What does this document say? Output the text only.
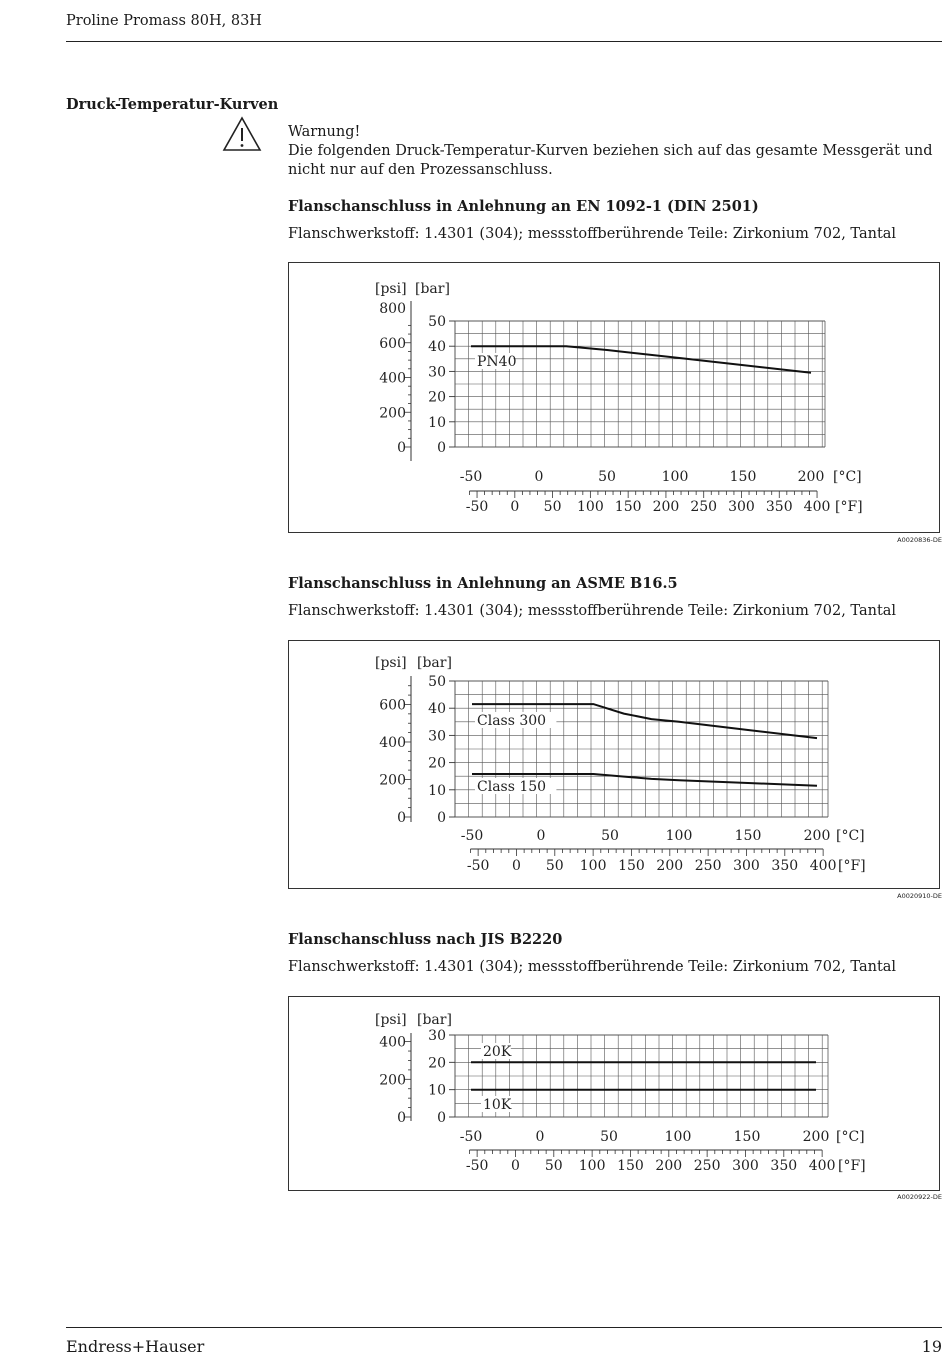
Proline Promass 80H, 83H
Druck-Temperatur-Kurven
Warnung!
Die folgenden Druck-Temperatur-Kurven beziehen sich auf das gesamte Messgerät und nicht nur auf den Prozessanschluss.
Flanschanschluss in Anlehnung an EN 1092-1 (DIN 2501)
Flanschwerkstoff: 1.4301 (304); messstoffberührende Teile: Zirkonium 702, Tantal
[psi] [bar]
0
10
20
30
40
50
0
200
400
600
800
-50	0	50	100	150	200 [°C]
-50 0 50 100 150 200 250 300 350 400 [°F]
PN40
A0020836-DE
Flanschanschluss in Anlehnung an ASME B16.5
Flanschwerkstoff: 1.4301 (304); messstoffberührende Teile: Zirkonium 702, Tantal
[psi] [bar]
0
10
20
30
40
50
0
200
400
600
-50	0	50	100	150	200 [°C]
-50 0 50 100 150 200 250 300 350 400 [°F]
Class 300
Class 150
A0020910-DE
Flanschanschluss nach JIS B2220
Flanschwerkstoff: 1.4301 (304); messstoffberührende Teile: Zirkonium 702, Tantal
[psi] [bar]
0
10
20
30
0
200
400
-50	0	50	100	150	200 [°C]
-50 0 50 100 150 200 250 300 350 400 [°F]
20K
10K
A0020922-DE
Endress+Hauser	19
